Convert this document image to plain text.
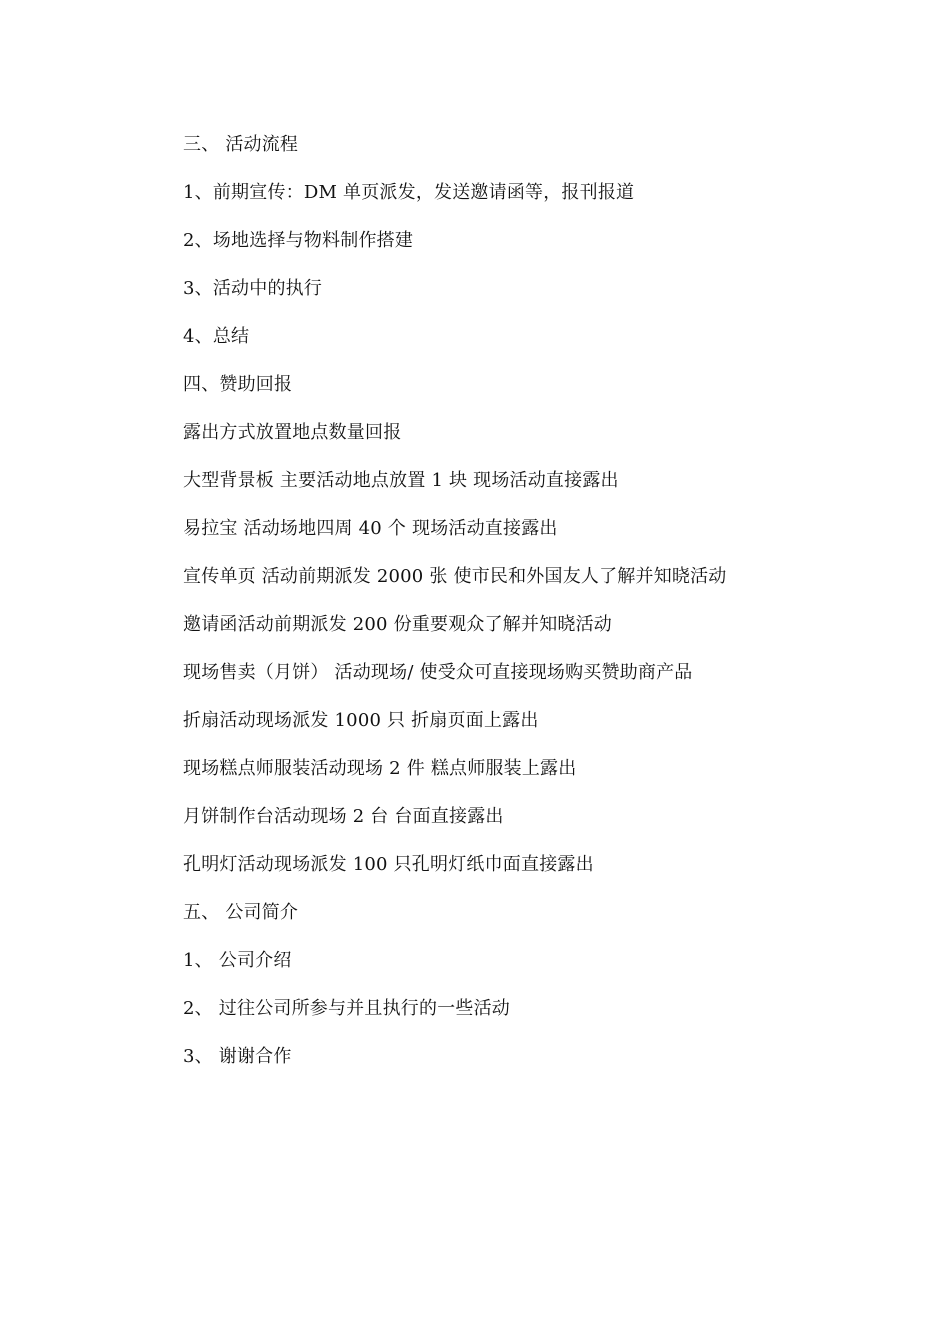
三、 活动流程
1、前期宣传：DM 单页派发，发送邀请函等，报刊报道
2、场地选择与物料制作搭建
3、活动中的执行
4、总结
四、赞助回报
露出方式放置地点数量回报
大型背景板 主要活动地点放置 1 块 现场活动直接露出
易拉宝 活动场地四周 40 个 现场活动直接露出
宣传单页 活动前期派发 2000 张 使市民和外国友人了解并知晓活动
邀请函活动前期派发 200 份重要观众了解并知晓活动
现场售卖（月饼） 活动现场/ 使受众可直接现场购买赞助商产品
折扇活动现场派发 1000 只 折扇页面上露出
现场糕点师服装活动现场 2 件 糕点师服装上露出
月饼制作台活动现场 2 台 台面直接露出
孔明灯活动现场派发 100 只孔明灯纸巾面直接露出
五、 公司简介
1、 公司介绍
2、 过往公司所参与并且执行的一些活动
3、 谢谢合作
